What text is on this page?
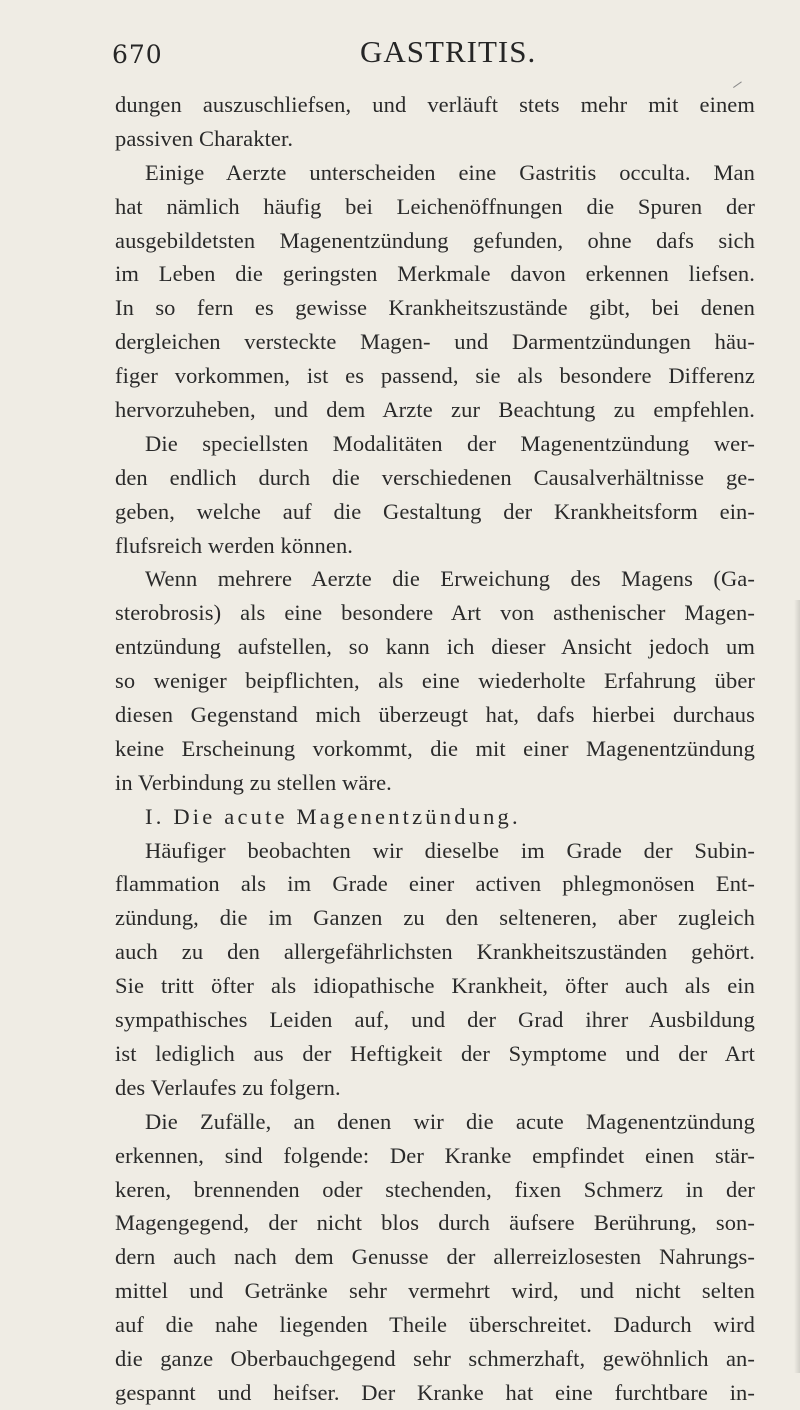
670	GASTRITIS.
dungen auszuschliefsen, und verläuft stets mehr mit einem
passiven Charakter.
Einige Aerzte unterscheiden eine Gastritis occulta. Man
hat nämlich häufig bei Leichenöffnungen die Spuren der
ausgebildetsten Magenentzündung gefunden, ohne dafs sich
im Leben die geringsten Merkmale davon erkennen liefsen.
In so fern es gewisse Krankheitszustände gibt, bei denen
dergleichen versteckte Magen- und Darmentzündungen häu-
figer vorkommen, ist es passend, sie als besondere Differenz
hervorzuheben, und dem Arzte zur Beachtung zu empfehlen.
Die speciellsten Modalitäten der Magenentzündung wer-
den endlich durch die verschiedenen Causalverhältnisse ge-
geben, welche auf die Gestaltung der Krankheitsform ein-
flufsreich werden können.
Wenn mehrere Aerzte die Erweichung des Magens (Ga-
sterobrosis) als eine besondere Art von asthenischer Magen-
entzündung aufstellen, so kann ich dieser Ansicht jedoch um
so weniger beipflichten, als eine wiederholte Erfahrung über
diesen Gegenstand mich überzeugt hat, dafs hierbei durchaus
keine Erscheinung vorkommt, die mit einer Magenentzündung
in Verbindung zu stellen wäre.
I. Die acute Magenentzündung.
Häufiger beobachten wir dieselbe im Grade der Subin-
flammation als im Grade einer activen phlegmonösen Ent-
zündung, die im Ganzen zu den selteneren, aber zugleich
auch zu den allergefährlichsten Krankheitszuständen gehört.
Sie tritt öfter als idiopathische Krankheit, öfter auch als ein
sympathisches Leiden auf, und der Grad ihrer Ausbildung
ist lediglich aus der Heftigkeit der Symptome und der Art
des Verlaufes zu folgern.
Die Zufälle, an denen wir die acute Magenentzündung
erkennen, sind folgende: Der Kranke empfindet einen stär-
keren, brennenden oder stechenden, fixen Schmerz in der
Magengegend, der nicht blos durch äufsere Berührung, son-
dern auch nach dem Genusse der allerreizlosesten Nahrungs-
mittel und Getränke sehr vermehrt wird, und nicht selten
auf die nahe liegenden Theile überschreitet. Dadurch wird
die ganze Oberbauchgegend sehr schmerzhaft, gewöhnlich an-
gespannt und heifser. Der Kranke hat eine furchtbare in-
